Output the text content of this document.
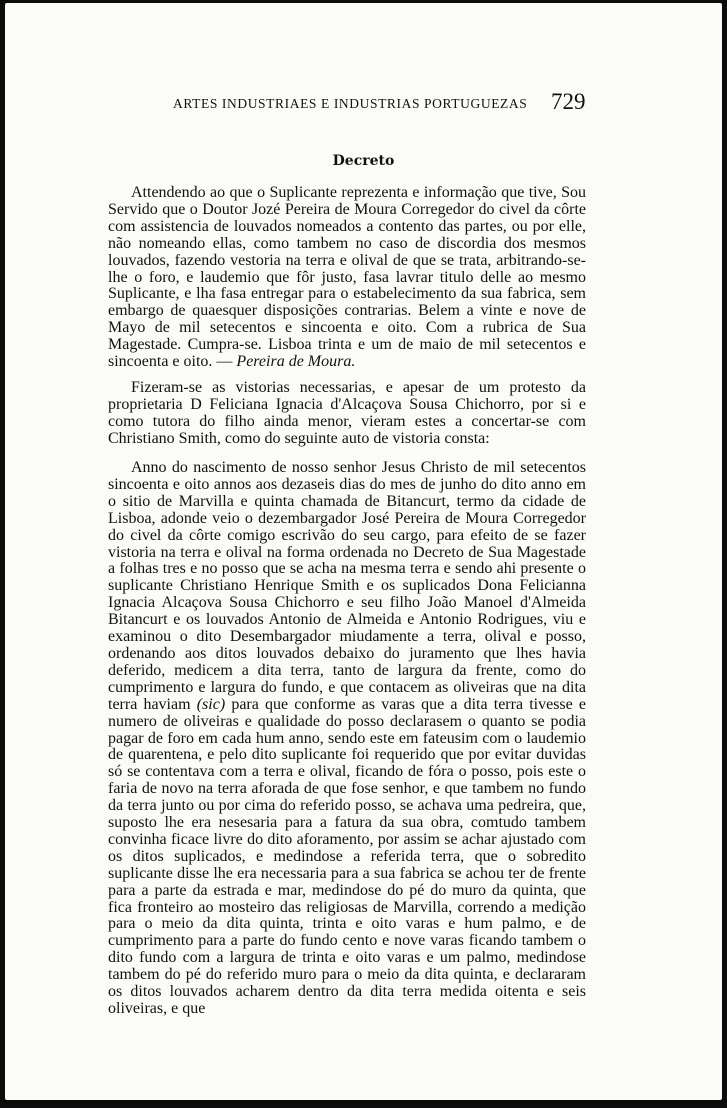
ARTES INDUSTRIAES E INDUSTRIAS PORTUGUEZAS 729
Decreto

Attendendo ao que o Suplicante reprezenta e informação que tive, Sou Servido que o Doutor Jozé Pereira de Moura Corregedor do civel da côrte com assistencia de louvados nomeados a contento das partes, ou por elle, não nomeando ellas, como tambem no caso de discordia dos mesmos louvados, fazendo vestoria na terra e olival de que se trata, arbitrando-se-lhe o foro, e laudemio que fôr justo, fasa lavrar titulo delle ao mesmo Suplicante, e lha fasa entregar para o estabelecimento da sua fabrica, sem embargo de quaesquer disposições contrarias. Belem a vinte e nove de Mayo de mil setecentos e sincoenta e oito. Com a rubrica de Sua Magestade. Cumpra-se. Lisboa trinta e um de maio de mil setecentos e sincoenta e oito. — Pereira de Moura.

Fizeram-se as vistorias necessarias, e apesar de um protesto da proprietaria D Feliciana Ignacia d'Alcaçova Sousa Chichorro, por si e como tutora do filho ainda menor, vieram estes a concertar-se com Christiano Smith, como do seguinte auto de vistoria consta:

Anno do nascimento de nosso senhor Jesus Christo de mil setecentos sincoenta e oito annos aos dezaseis dias do mes de junho do dito anno em o sitio de Marvilla e quinta chamada de Bitancurt, termo da cidade de Lisboa, adonde veio o dezembargador José Pereira de Moura Corregedor do civel da côrte comigo escrivão do seu cargo, para efeito de se fazer vistoria na terra e olival na forma ordenada no Decreto de Sua Magestade a folhas tres e no posso que se acha na mesma terra e sendo ahi presente o suplicante Christiano Henrique Smith e os suplicados Dona Felicianna Ignacia Alcaçova Sousa Chichorro e seu filho João Manoel d'Almeida Bitancurt e os louvados Antonio de Almeida e Antonio Rodrigues, viu e examinou o dito Desembargador miudamente a terra, olival e posso, ordenando aos ditos louvados debaixo do juramento que lhes havia deferido, medicem a dita terra, tanto de largura da frente, como do cumprimento e largura do fundo, e que contacem as oliveiras que na dita terra haviam (sic) para que conforme as varas que a dita terra tivesse e numero de oliveiras e qualidade do posso declarasem o quanto se podia pagar de foro em cada hum anno, sendo este em fateusim com o laudemio de quarentena, e pelo dito suplicante foi requerido que por evitar duvidas só se contentava com a terra e olival, ficando de fóra o posso, pois este o faria de novo na terra aforada de que fose senhor, e que tambem no fundo da terra junto ou por cima do referido posso, se achava uma pedreira, que, suposto lhe era nesesaria para a fatura da sua obra, comtudo tambem convinha ficace livre do dito aforamento, por assim se achar ajustado com os ditos suplicados, e medindose a referida terra, que o sobredito suplicante disse lhe era necessaria para a sua fabrica se achou ter de frente para a parte da estrada e mar, medindose do pé do muro da quinta, que fica fronteiro ao mosteiro das religiosas de Marvilla, correndo a medição para o meio da dita quinta, trinta e oito varas e hum palmo, e de cumprimento para a parte do fundo cento e nove varas ficando tambem o dito fundo com a largura de trinta e oito varas e um palmo, medindose tambem do pé do referido muro para o meio da dita quinta, e declararam os ditos louvados acharem dentro da dita terra medida oitenta e seis oliveiras, e que
